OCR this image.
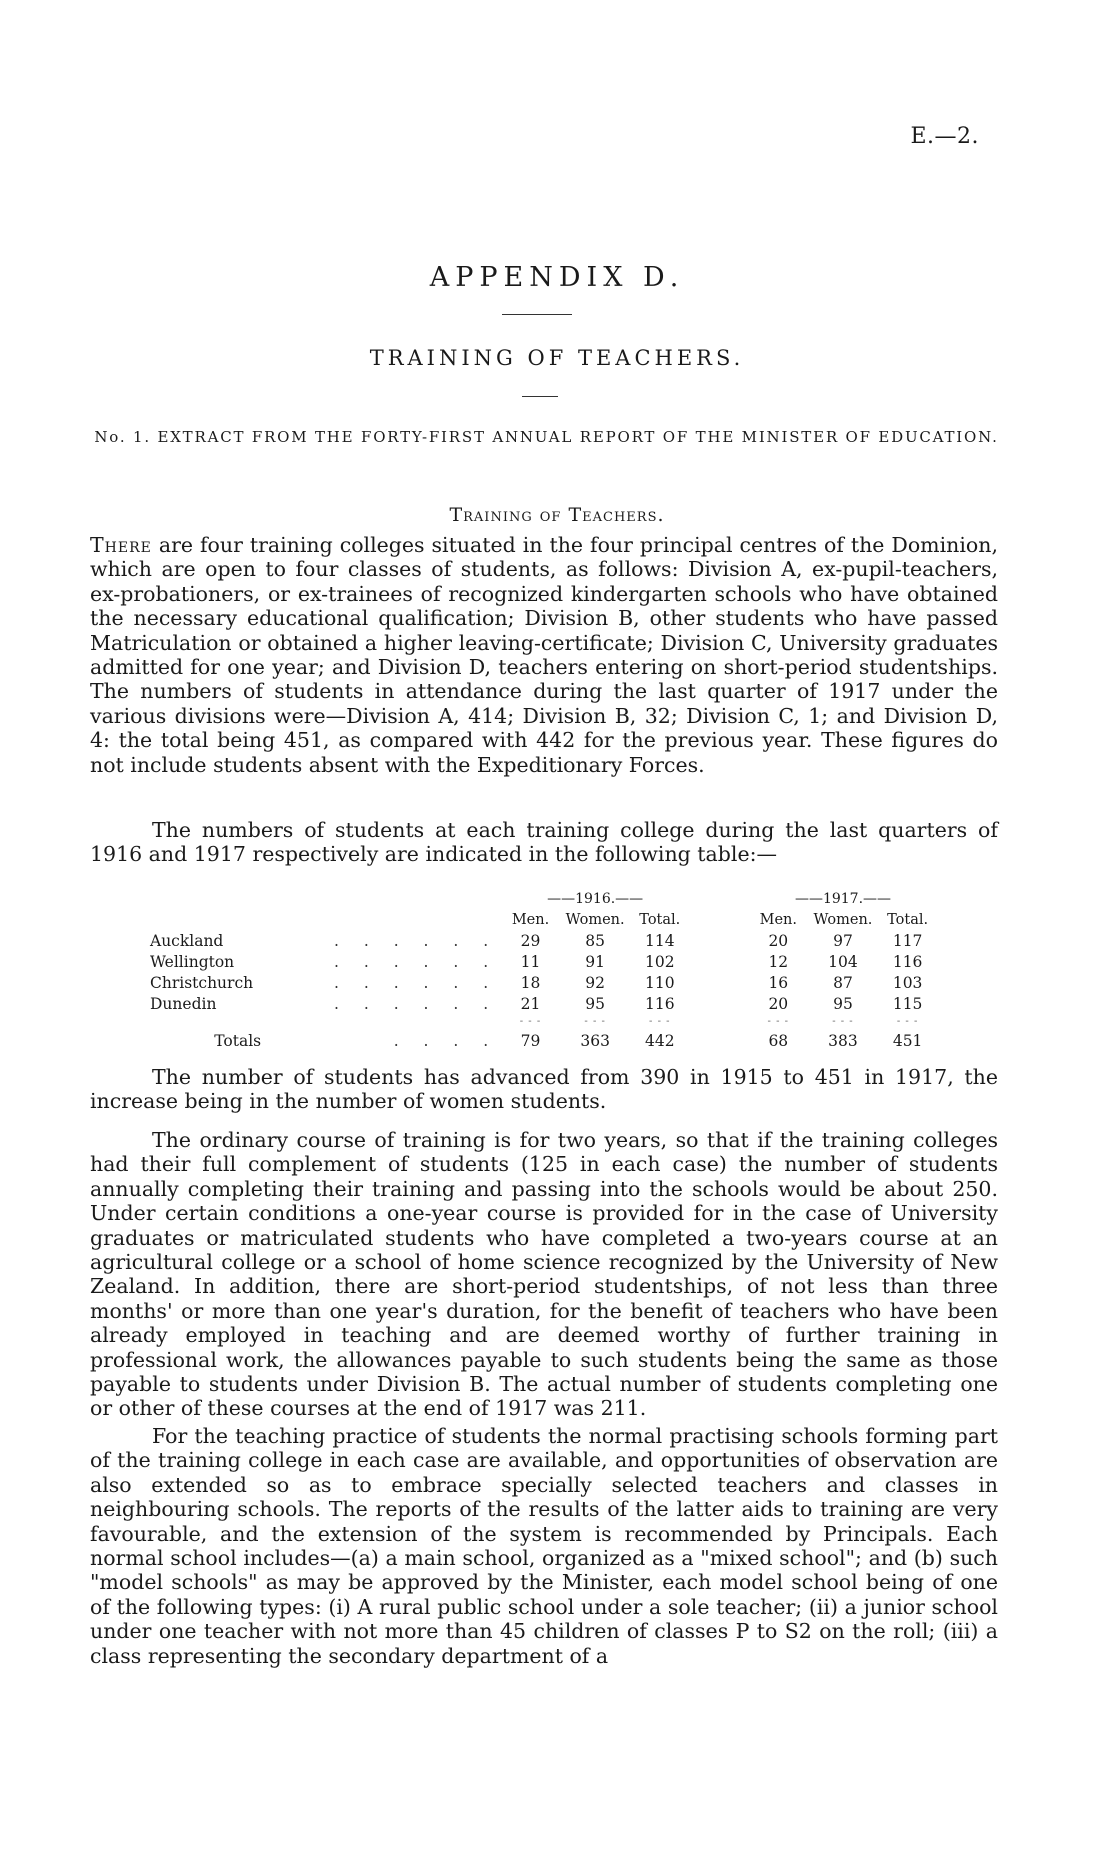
E.—2.
APPENDIX D.
TRAINING OF TEACHERS.
No. 1. EXTRACT FROM THE FORTY-FIRST ANNUAL REPORT OF THE MINISTER OF EDUCATION.
Training of Teachers.

There are four training colleges situated in the four principal centres of the Dominion, which are open to four classes of students, as follows: Division A, ex-pupil-teachers, ex-probationers, or ex-trainees of recognized kindergarten schools who have obtained the necessary educational qualification; Division B, other students who have passed Matriculation or obtained a higher leaving-certificate; Division C, University graduates admitted for one year; and Division D, teachers entering on short-period studentships. The numbers of students in attendance during the last quarter of 1917 under the various divisions were—Division A, 414; Division B, 32; Division C, 1; and Division D, 4: the total being 451, as compared with 442 for the previous year. These figures do not include students absent with the Expeditionary Forces.

The numbers of students at each training college during the last quarters of 1916 and 1917 respectively are indicated in the following table:—

		——1916.——				——1917.——		
		Men.	Women.	Total.		Men.	Women.	Total.
Auckland	. . . . . .	29	85	114		20	97	117
Wellington	. . . . . .	11	91	102		12	104	116
Christchurch	. . . . . .	18	92	110		16	87	103
Dunedin	. . . . . .	21	95	116		20	95	115
		- - -	- - -	- - -		- - -	- - -	- - -
Totals	. . . .	79	363	442		68	383	451

The number of students has advanced from 390 in 1915 to 451 in 1917, the increase being in the number of women students.

The ordinary course of training is for two years, so that if the training colleges had their full complement of students (125 in each case) the number of students annually completing their training and passing into the schools would be about 250. Under certain conditions a one-year course is provided for in the case of University graduates or matriculated students who have completed a two-years course at an agricultural college or a school of home science recognized by the University of New Zealand. In addition, there are short-period studentships, of not less than three months' or more than one year's duration, for the benefit of teachers who have been already employed in teaching and are deemed worthy of further training in professional work, the allowances payable to such students being the same as those payable to students under Division B. The actual number of students completing one or other of these courses at the end of 1917 was 211.

For the teaching practice of students the normal practising schools forming part of the training college in each case are available, and opportunities of observation are also extended so as to embrace specially selected teachers and classes in neighbouring schools. The reports of the results of the latter aids to training are very favourable, and the extension of the system is recommended by Principals. Each normal school includes—(a) a main school, organized as a "mixed school"; and (b) such "model schools" as may be approved by the Minister, each model school being of one of the following types: (i) A rural public school under a sole teacher; (ii) a junior school under one teacher with not more than 45 children of classes P to S2 on the roll; (iii) a class representing the secondary department of a
